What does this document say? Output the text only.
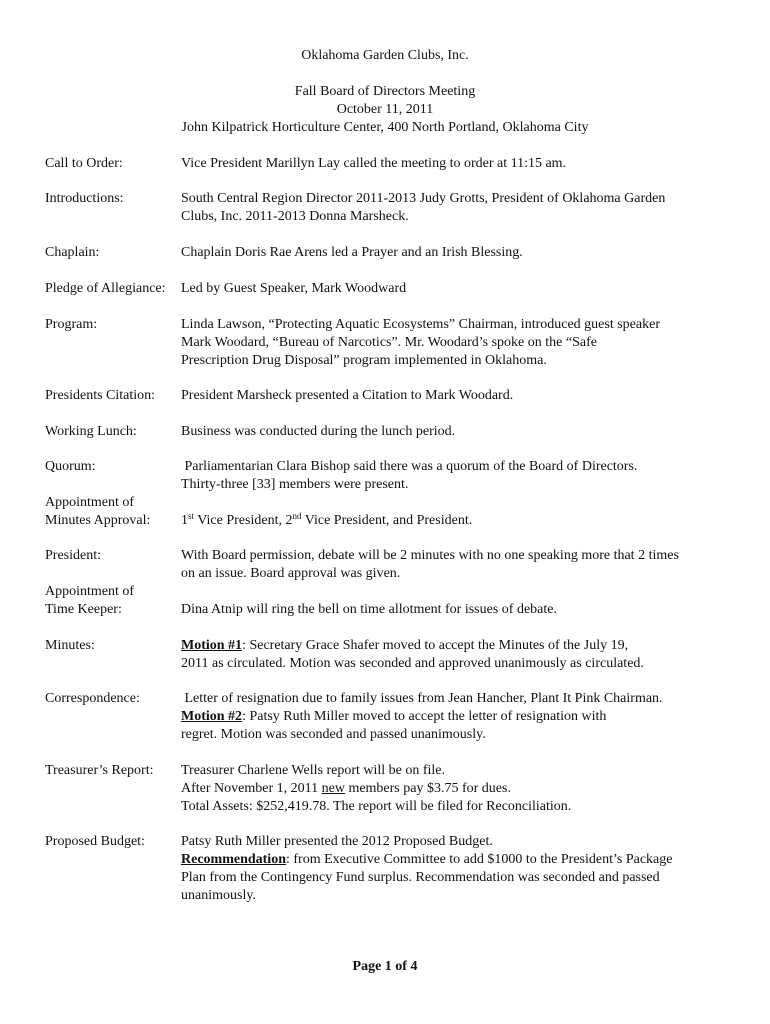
Oklahoma Garden Clubs, Inc.
Fall Board of Directors Meeting
October 11, 2011
John Kilpatrick Horticulture Center, 400 North Portland, Oklahoma City
Call to Order:	Vice President Marillyn Lay called the meeting to order at 11:15 am.
Introductions:	South Central Region Director 2011-2013 Judy Grotts, President of Oklahoma Garden
Clubs, Inc. 2011-2013 Donna Marsheck.
Chaplain:	Chaplain Doris Rae Arens led a Prayer and an Irish Blessing.
Pledge of Allegiance:	Led by Guest Speaker, Mark Woodward
Program:	Linda Lawson, “Protecting Aquatic Ecosystems” Chairman, introduced guest speaker
Mark Woodard, “Bureau of Narcotics”. Mr. Woodard’s spoke on the “Safe
Prescription Drug Disposal” program implemented in Oklahoma.
Presidents Citation:	President Marsheck presented a Citation to Mark Woodard.
Working Lunch:	Business was conducted during the lunch period.
Quorum:	Parliamentarian Clara Bishop said there was a quorum of the Board of Directors.
Thirty-three [33] members were present.
Appointment of
Minutes Approval:	1st Vice President, 2nd Vice President, and President.
President:	With Board permission, debate will be 2 minutes with no one speaking more that 2 times
on an issue. Board approval was given.
Appointment of
Time Keeper:	Dina Atnip will ring the bell on time allotment for issues of debate.
Minutes:	Motion #1: Secretary Grace Shafer moved to accept the Minutes of the July 19,
2011 as circulated. Motion was seconded and approved unanimously as circulated.
Correspondence:	Letter of resignation due to family issues from Jean Hancher, Plant It Pink Chairman.
Motion #2: Patsy Ruth Miller moved to accept the letter of resignation with
regret. Motion was seconded and passed unanimously.
Treasurer’s Report:	Treasurer Charlene Wells report will be on file.
After November 1, 2011 new members pay $3.75 for dues.
Total Assets: $252,419.78. The report will be filed for Reconciliation.
Proposed Budget:	Patsy Ruth Miller presented the 2012 Proposed Budget.
Recommendation: from Executive Committee to add $1000 to the President’s Package
Plan from the Contingency Fund surplus. Recommendation was seconded and passed
unanimously.
Page 1 of 4
